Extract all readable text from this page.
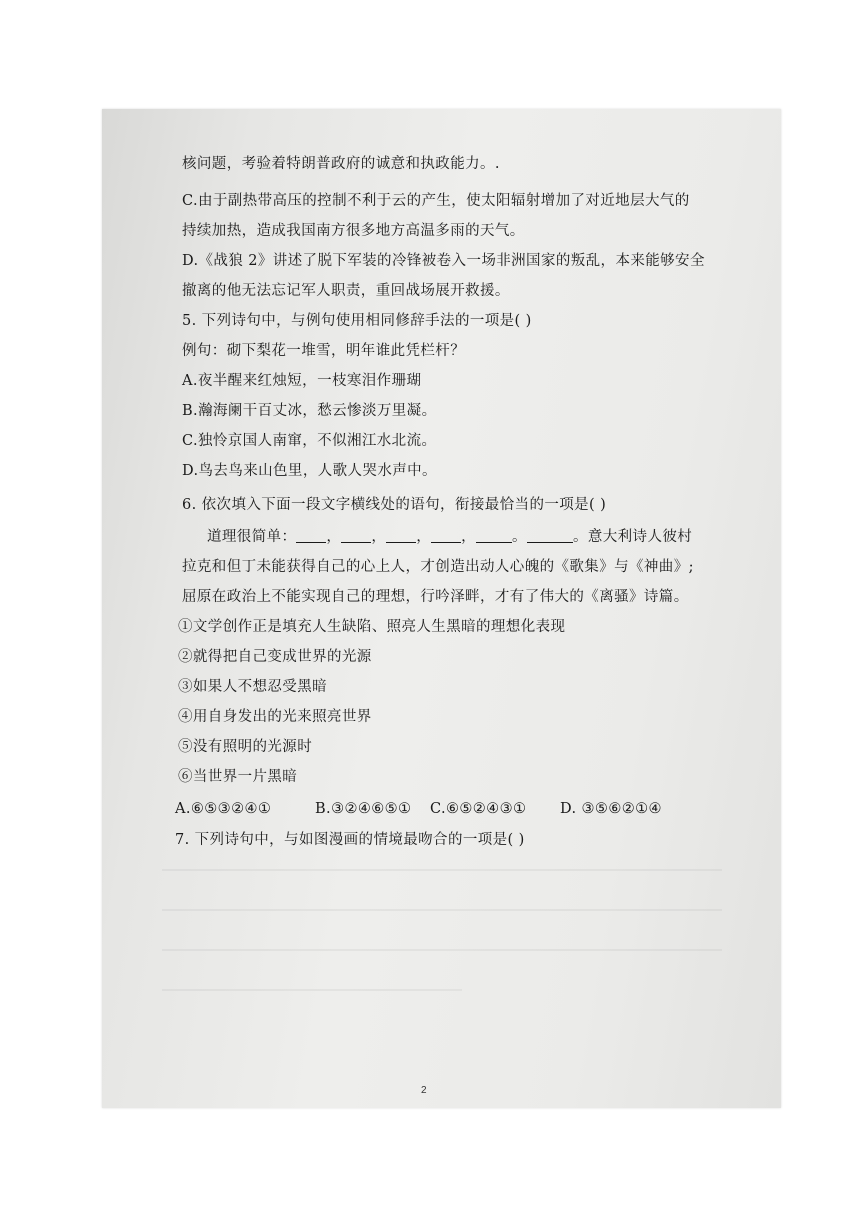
核问题，考验着特朗普政府的诚意和执政能力。.
C.由于副热带高压的控制不利于云的产生，使太阳辐射增加了对近地层大气的
持续加热，造成我国南方很多地方高温多雨的天气。
D.《战狼 2》讲述了脱下军装的冷锋被卷入一场非洲国家的叛乱，本来能够安全
撤离的他无法忘记军人职责，重回战场展开救援。
5. 下列诗句中，与例句使用相同修辞手法的一项是( )
例句：砌下梨花一堆雪，明年谁此凭栏杆？
A.夜半醒来红烛短，一枝寒泪作珊瑚
B.瀚海阑干百丈冰，愁云惨淡万里凝。
C.独怜京国人南窜，不似湘江水北流。
D.鸟去鸟来山色里，人歌人哭水声中。
6. 依次填入下面一段文字横线处的语句，衔接最恰当的一项是( )
道理很简单： ， ， ， ， 。	。意大利诗人彼村
拉克和但丁未能获得自己的心上人，才创造出动人心魄的《歌集》与《神曲》;
屈原在政治上不能实现自己的理想，行吟泽畔，才有了伟大的《离骚》诗篇。
①文学创作正是填充人生缺陷、照亮人生黑暗的理想化表现
②就得把自己变成世界的光源
③如果人不想忍受黑暗
④用自身发出的光来照亮世界
⑤没有照明的光源时
⑥当世界一片黑暗
A.⑥⑤③②④①	B.③②④⑥⑤① C.⑥⑤②④③① D. ③⑤⑥②①④
7. 下列诗句中，与如图漫画的情境最吻合的一项是( )
2
